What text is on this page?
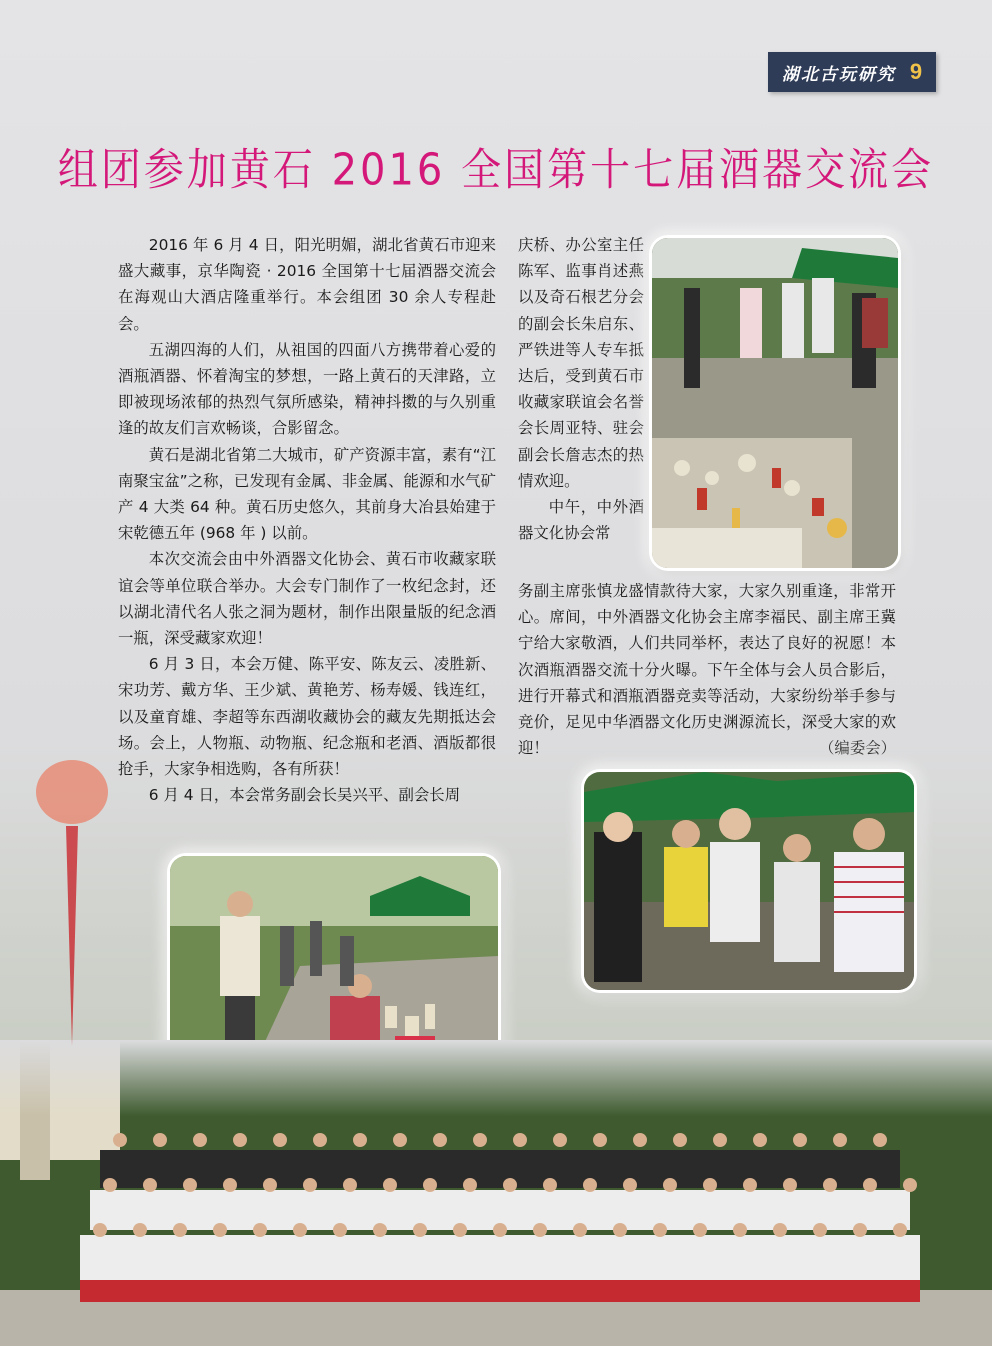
湖北古玩研究 9
组团参加黄石 2016 全国第十七届酒器交流会

2016 年 6 月 4 日，阳光明媚，湖北省黄石市迎来盛大藏事，京华陶瓷 · 2016 全国第十七届酒器交流会在海观山大酒店隆重举行。本会组团 30 余人专程赴会。

五湖四海的人们，从祖国的四面八方携带着心爱的酒瓶酒器、怀着淘宝的梦想，一路上黄石的天津路，立即被现场浓郁的热烈气氛所感染，精神抖擞的与久别重逢的故友们言欢畅谈，合影留念。

黄石是湖北省第二大城市，矿产资源丰富，素有“江南聚宝盆”之称，已发现有金属、非金属、能源和水气矿产 4 大类 64 种。黄石历史悠久，其前身大冶县始建于宋乾德五年 (968 年 ) 以前。

本次交流会由中外酒器文化协会、黄石市收藏家联谊会等单位联合举办。大会专门制作了一枚纪念封，还以湖北清代名人张之洞为题材，制作出限量版的纪念酒一瓶，深受藏家欢迎！

6 月 3 日，本会万健、陈平安、陈友云、凌胜新、宋功芳、戴方华、王少斌、黄艳芳、杨寿媛、钱连红，以及童育雄、李超等东西湖收藏协会的藏友先期抵达会场。会上，人物瓶、动物瓶、纪念瓶和老酒、酒版都很抢手，大家争相选购，各有所获！

6 月 4 日，本会常务副会长吴兴平、副会长周

庆桥、办公室主任陈军、监事肖述燕以及奇石根艺分会的副会长朱启东、严铁进等人专车抵达后，受到黄石市收藏家联谊会名誉会长周亚特、驻会副会长詹志杰的热情欢迎。

中午，中外酒器文化协会常

务副主席张慎龙盛情款待大家，大家久别重逢，非常开心。席间，中外酒器文化协会主席李福民、副主席王冀宁给大家敬酒，人们共同举杯，表达了良好的祝愿！本次酒瓶酒器交流十分火曝。下午全体与会人员合影后，进行开幕式和酒瓶酒器竞卖等活动，大家纷纷举手参与竞价，足见中华酒器文化历史渊源流长，深受大家的欢迎！	（编委会）
